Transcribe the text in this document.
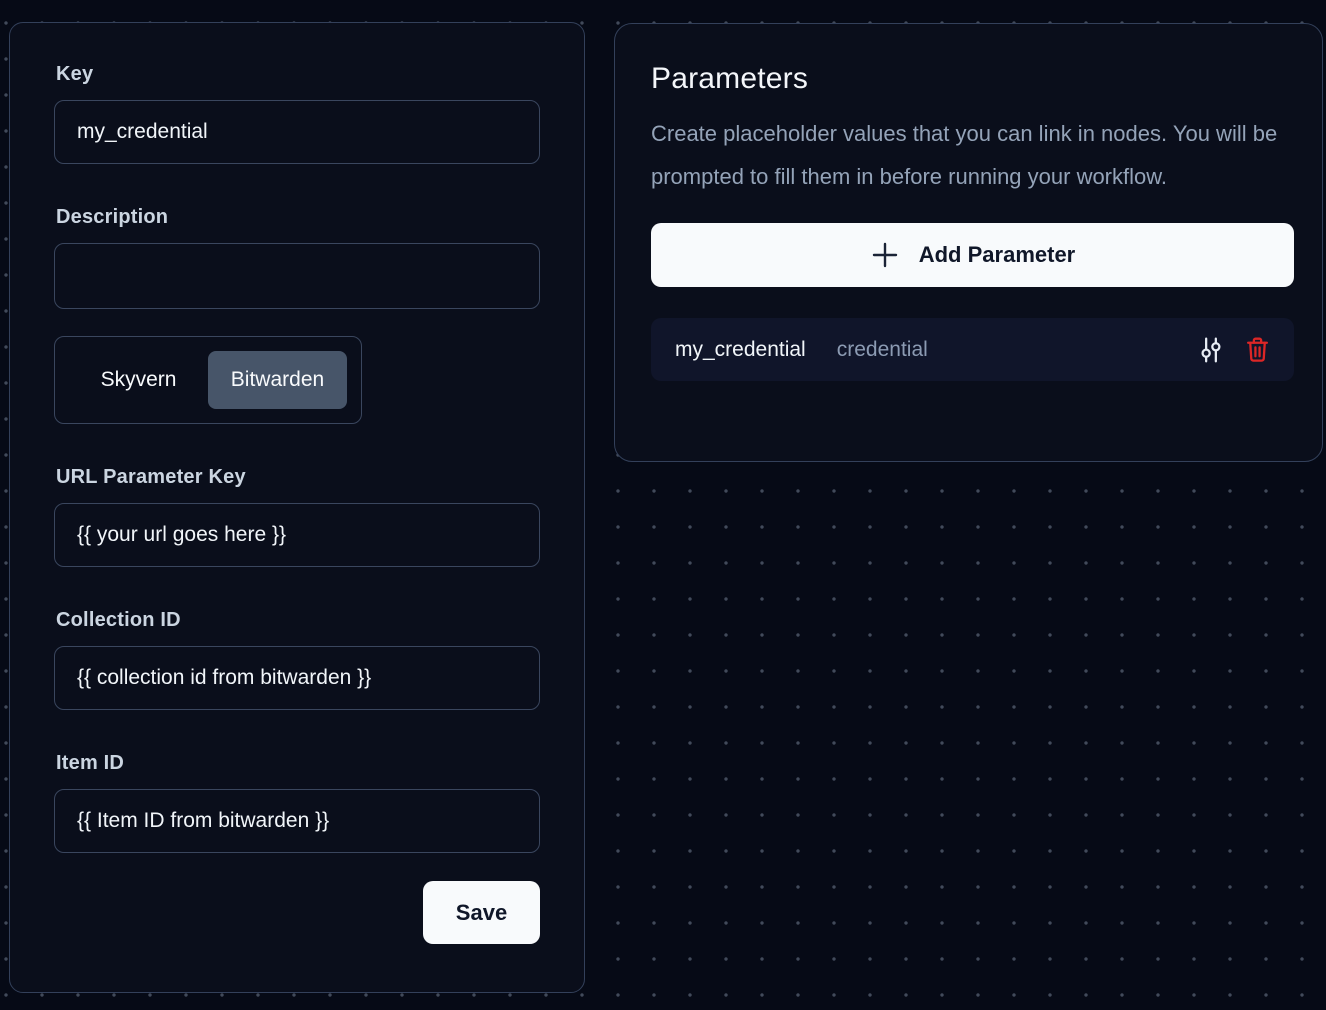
Key
my_credential
Description
Skyvern	Bitwarden
URL Parameter Key
{{ your url goes here }}
Collection ID
{{ collection id from bitwarden }}
Item ID
{{ Item ID from bitwarden }}
Save
Parameters

Create placeholder values that you can link in nodes. You will be prompted to fill them in before running your workflow.

Add Parameter
my_credential credential
